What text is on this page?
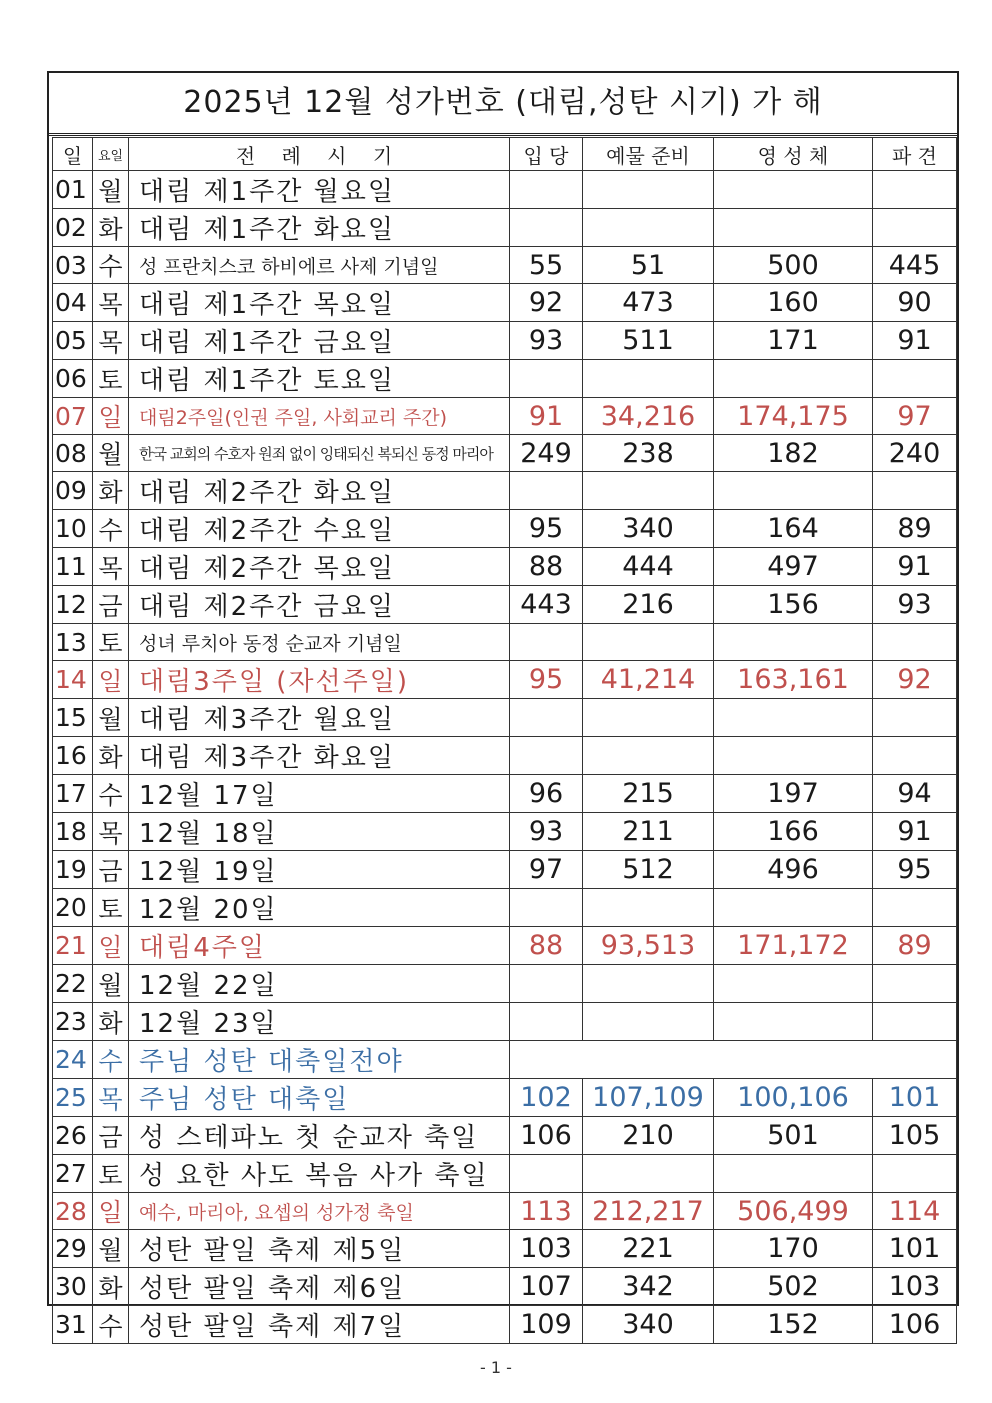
2025년 12월 성가번호 (대림,성탄 시기) 가 해
일	요일	전 례 시 기	입 당	예물 준비	영 성 체	파 견
01	월	대림 제1주간 월요일				
02	화	대림 제1주간 화요일				
03	수	성 프란치스코 하비에르 사제 기념일	55	51	500	445
04	목	대림 제1주간 목요일	92	473	160	90
05	목	대림 제1주간 금요일	93	511	171	91
06	토	대림 제1주간 토요일				
07	일	대림2주일(인권 주일, 사회교리 주간)	91	34,216	174,175	97
08	월	한국 교회의 수호자 원죄 없이 잉태되신 복되신 동정 마리아	249	238	182	240
09	화	대림 제2주간 화요일				
10	수	대림 제2주간 수요일	95	340	164	89
11	목	대림 제2주간 목요일	88	444	497	91
12	금	대림 제2주간 금요일	443	216	156	93
13	토	성녀 루치아 동정 순교자 기념일				
14	일	대림3주일 (자선주일)	95	41,214	163,161	92
15	월	대림 제3주간 월요일				
16	화	대림 제3주간 화요일				
17	수	12월 17일	96	215	197	94
18	목	12월 18일	93	211	166	91
19	금	12월 19일	97	512	496	95
20	토	12월 20일				
21	일	대림4주일	88	93,513	171,172	89
22	월	12월 22일				
23	화	12월 23일				
24	수	주님 성탄 대축일전야				
25	목	주님 성탄 대축일	102	107,109	100,106	101
26	금	성 스테파노 첫 순교자 축일	106	210	501	105
27	토	성 요한 사도 복음 사가 축일				
28	일	예수, 마리아, 요셉의 성가정 축일	113	212,217	506,499	114
29	월	성탄 팔일 축제 제5일	103	221	170	101
30	화	성탄 팔일 축제 제6일	107	342	502	103
31	수	성탄 팔일 축제 제7일	109	340	152	106
- 1 -
